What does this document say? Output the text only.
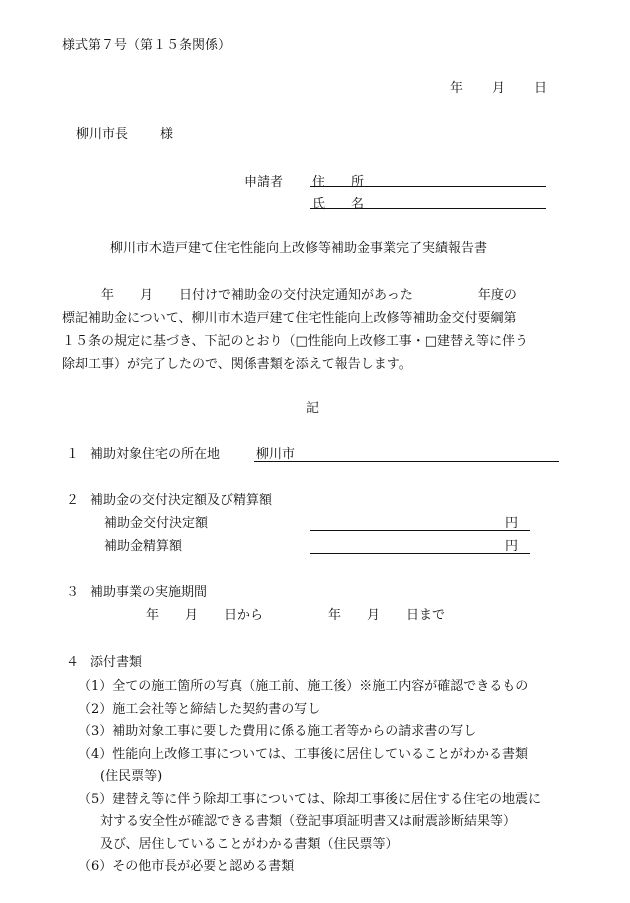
様式第７号（第１５条関係）
年 月 日
柳川市長 様
申請者 住　　所
氏　　名
柳川市木造戸建て住宅性能向上改修等補助金事業完了実績報告書
　　　年　　月　　日付けで補助金の交付決定通知があった　　　　　年度の
標記補助金について、柳川市木造戸建て住宅性能向上改修等補助金交付要綱第
１５条の規定に基づき、下記のとおり（□性能向上改修工事・□建替え等に伴う
除却工事）が完了したので、関係書類を添えて報告します。
記
１ 補助対象住宅の所在地	柳川市
２ 補助金の交付決定額及び精算額
補助金交付決定額	円
補助金精算額	円
３ 補助事業の実施期間
年　　月　　日から　　　　　年　　月　　日まで
４ 添付書類
（1）全ての施工箇所の写真（施工前、施工後）※施工内容が確認できるもの
（2）施工会社等と締結した契約書の写し
（3）補助対象工事に要した費用に係る施工者等からの請求書の写し
（4）性能向上改修工事については、工事後に居住していることがわかる書類
(住民票等)
（5）建替え等に伴う除却工事については、除却工事後に居住する住宅の地震に
対する安全性が確認できる書類（登記事項証明書又は耐震診断結果等）
及び、居住していることがわかる書類（住民票等）
（6）その他市長が必要と認める書類
